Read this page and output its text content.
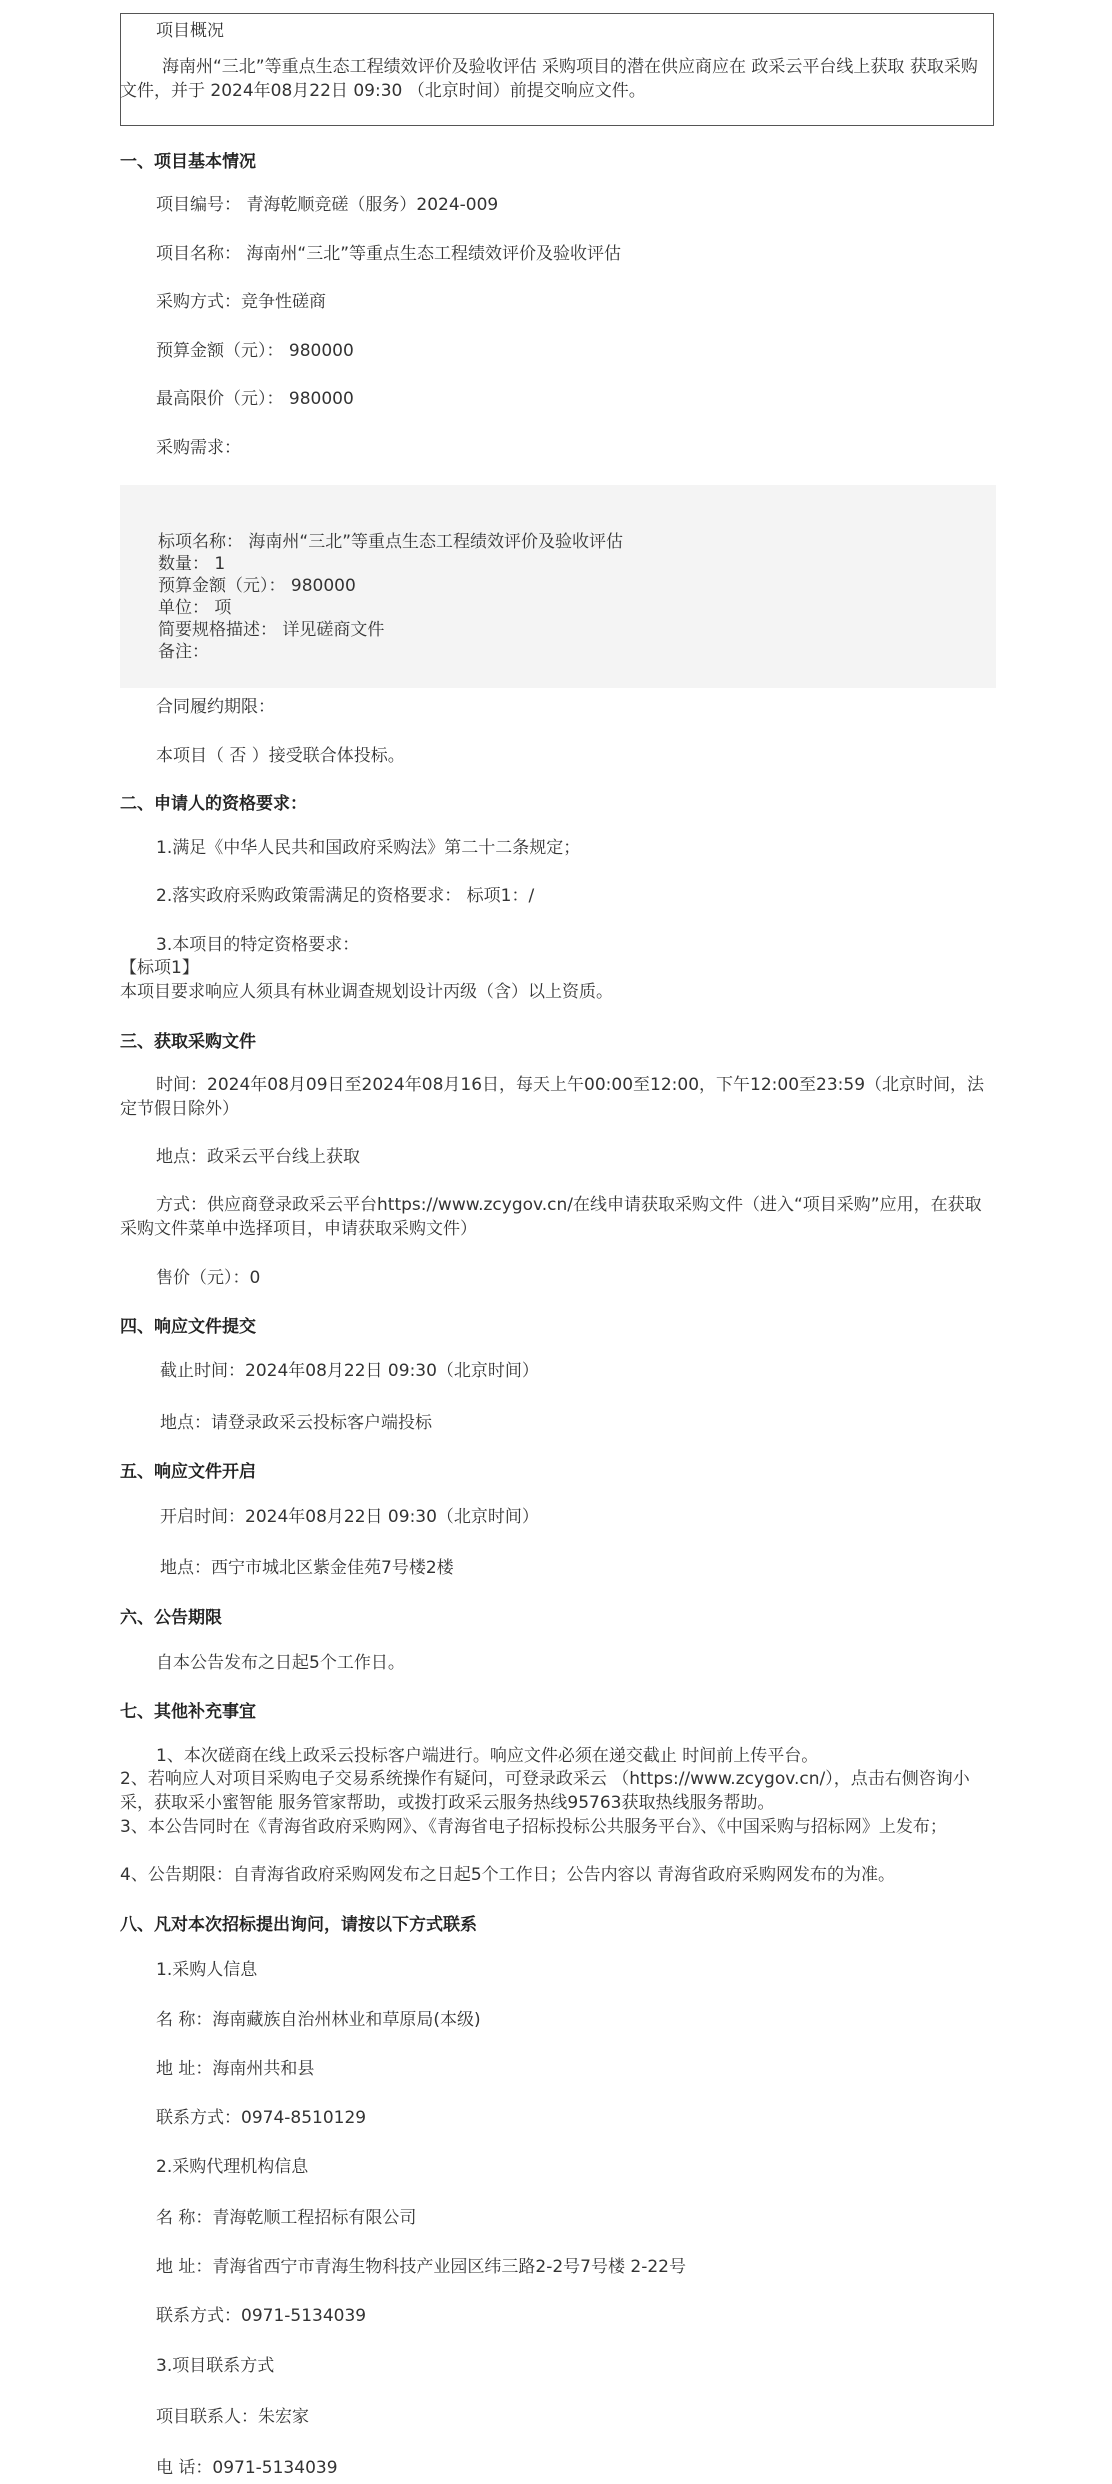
项目概况
海南州“三北”等重点生态工程绩效评价及验收评估 采购项目的潜在供应商应在 政采云平台线上获取 获取采购文件，并于 2024年08月22日 09:30 （北京时间）前提交响应文件。
一、项目基本情况
项目编号： 青海乾顺竞磋（服务）2024-009
项目名称： 海南州“三北”等重点生态工程绩效评价及验收评估
采购方式：竞争性磋商
预算金额（元）： 980000
最高限价（元）： 980000
采购需求：
标项名称： 海南州“三北”等重点生态工程绩效评价及验收评估
数量： 1
预算金额（元）： 980000
单位： 项
简要规格描述： 详见磋商文件
备注：
合同履约期限：
本项目（ 否 ）接受联合体投标。
二、申请人的资格要求：
1.满足《中华人民共和国政府采购法》第二十二条规定；
2.落实政府采购政策需满足的资格要求： 标项1：/
3.本项目的特定资格要求：
【标项1】
本项目要求响应人须具有林业调查规划设计丙级（含）以上资质。
三、获取采购文件
时间：2024年08月09日至2024年08月16日，每天上午00:00至12:00，下午12:00至23:59（北京时间，法定节假日除外）
地点：政采云平台线上获取
方式：供应商登录政采云平台https://www.zcygov.cn/在线申请获取采购文件（进入“项目采购”应用，在获取采购文件菜单中选择项目，申请获取采购文件）
售价（元）：0
四、响应文件提交
截止时间：2024年08月22日 09:30（北京时间）
地点：请登录政采云投标客户端投标
五、响应文件开启
开启时间：2024年08月22日 09:30（北京时间）
地点：西宁市城北区紫金佳苑7号楼2楼
六、公告期限
自本公告发布之日起5个工作日。
七、其他补充事宜
1、本次磋商在线上政采云投标客户端进行。响应文件必须在递交截止 时间前上传平台。
2、若响应人对项目采购电子交易系统操作有疑问，可登录政采云 （https://www.zcygov.cn/），点击右侧咨询小采，获取采小蜜智能 服务管家帮助，或拨打政采云服务热线95763获取热线服务帮助。
3、本公告同时在《青海省政府采购网》、《青海省电子招标投标公共服务平台》、《中国采购与招标网》上发布；
4、公告期限：自青海省政府采购网发布之日起5个工作日；公告内容以 青海省政府采购网发布的为准。
八、凡对本次招标提出询问，请按以下方式联系
1.采购人信息
名 称：海南藏族自治州林业和草原局(本级)
地 址：海南州共和县
联系方式：0974-8510129
2.采购代理机构信息
名 称：青海乾顺工程招标有限公司
地 址：青海省西宁市青海生物科技产业园区纬三路2-2号7号楼 2-22号
联系方式：0971-5134039
3.项目联系方式
项目联系人：朱宏家
电 话：0971-5134039
